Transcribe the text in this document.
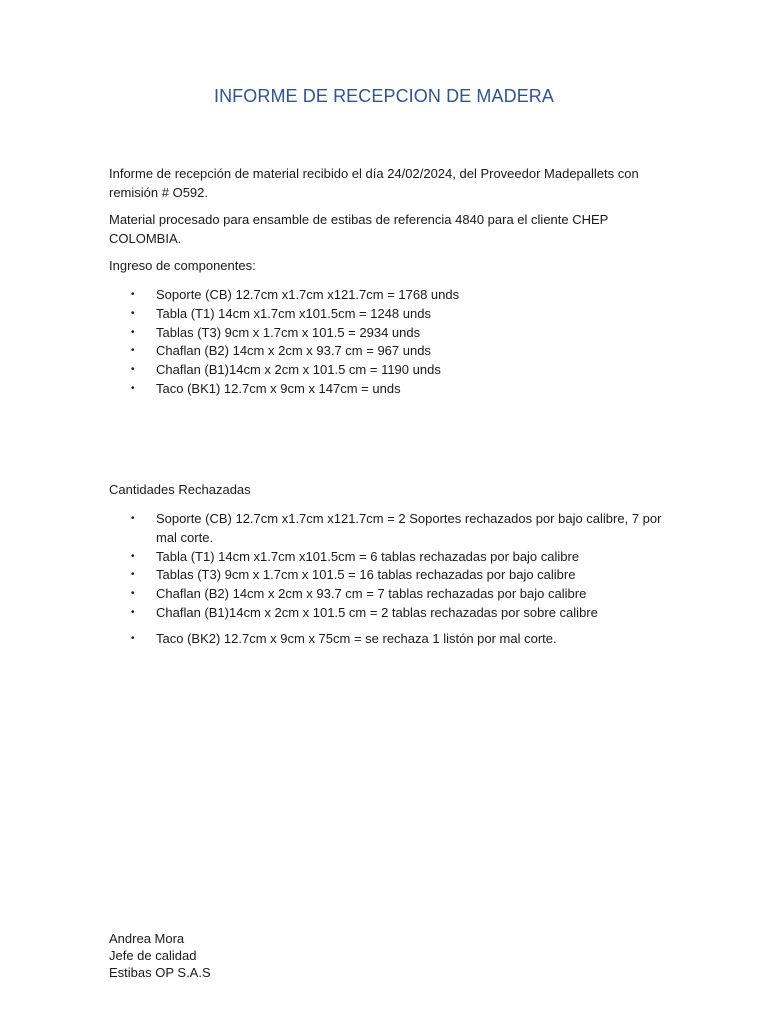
INFORME DE RECEPCION DE MADERA
Informe de recepción de material recibido el día 24/02/2024, del Proveedor Madepallets con remisión # O592.
Material procesado para ensamble de estibas de referencia 4840 para el cliente CHEP COLOMBIA.
Ingreso de componentes:
• Soporte (CB) 12.7cm x1.7cm x121.7cm = 1768 unds
• Tabla (T1) 14cm x1.7cm x101.5cm = 1248 unds
• Tablas (T3) 9cm x 1.7cm x 101.5 = 2934 unds
• Chaflan (B2) 14cm x 2cm x 93.7 cm = 967 unds
• Chaflan (B1)14cm x 2cm x 101.5 cm = 1190 unds
• Taco (BK1) 12.7cm x 9cm x 147cm = unds
Cantidades Rechazadas
• Soporte (CB) 12.7cm x1.7cm x121.7cm = 2 Soportes rechazados por bajo calibre, 7 por mal corte.
• Tabla (T1) 14cm x1.7cm x101.5cm = 6 tablas rechazadas por bajo calibre
• Tablas (T3) 9cm x 1.7cm x 101.5 = 16 tablas rechazadas por bajo calibre
• Chaflan (B2) 14cm x 2cm x 93.7 cm = 7 tablas rechazadas por bajo calibre
• Chaflan (B1)14cm x 2cm x 101.5 cm = 2 tablas rechazadas por sobre calibre
• Taco (BK2) 12.7cm x 9cm x 75cm = se rechaza 1 listón por mal corte.
Andrea Mora
Jefe de calidad
Estibas OP S.A.S
